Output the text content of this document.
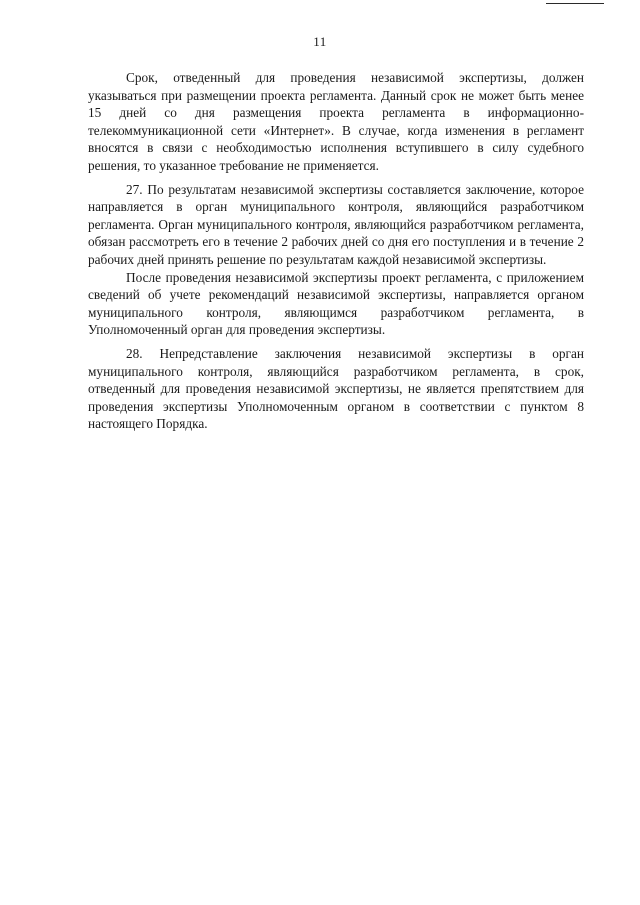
11

Срок, отведенный для проведения независимой экспертизы, должен указываться при размещении проекта регламента. Данный срок не может быть менее 15 дней со дня размещения проекта регламента в информационно-телекоммуникационной сети «Интернет». В случае, когда изменения в регламент вносятся в связи с необходимостью исполнения вступившего в силу судебного решения, то указанное требование не применяется.

27. По результатам независимой экспертизы составляется заключение, которое направляется в орган муниципального контроля, являющийся разработчиком регламента. Орган муниципального контроля, являющийся разработчиком регламента, обязан рассмотреть его в течение 2 рабочих дней со дня его поступления и в течение 2 рабочих дней принять решение по результатам каждой независимой экспертизы.

После проведения независимой экспертизы проект регламента, с приложением сведений об учете рекомендаций независимой экспертизы, направляется органом муниципального контроля, являющимся разработчиком регламента, в Уполномоченный орган для проведения экспертизы.

28. Непредставление заключения независимой экспертизы в орган муниципального контроля, являющийся разработчиком регламента, в срок, отведенный для проведения независимой экспертизы, не является препятствием для проведения экспертизы Уполномоченным органом в соответствии с пунктом 8 настоящего Порядка.
